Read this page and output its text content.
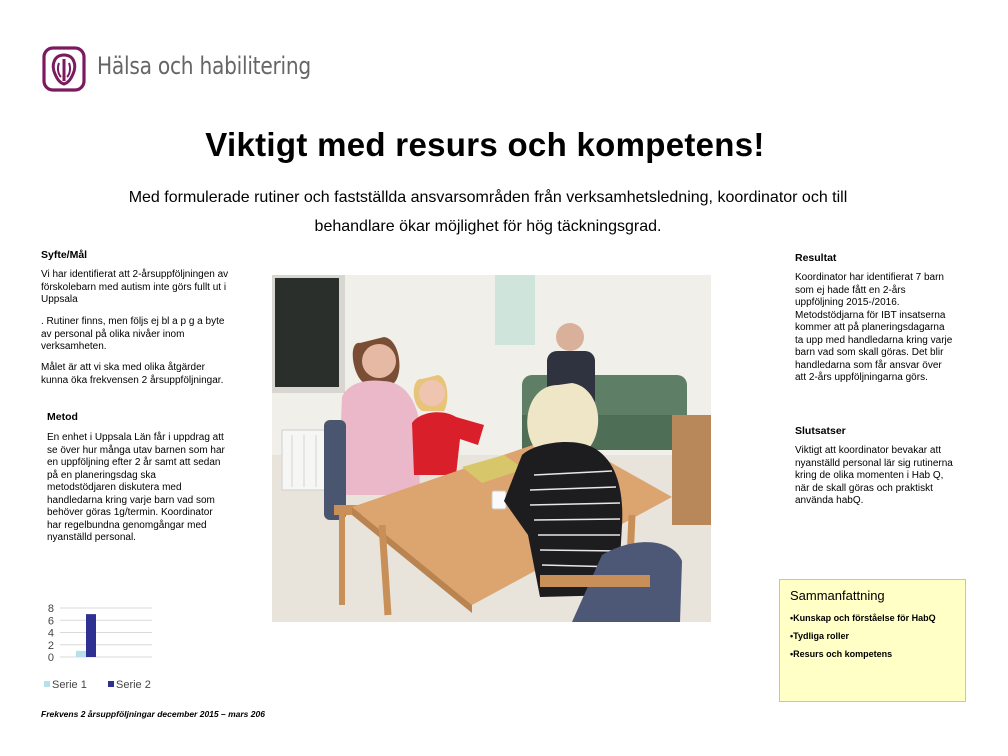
Hälsa och habilitering
Viktigt med resurs och kompetens!
Med formulerade rutiner och fastställda ansvarsområden från verksamhetsledning, koordinator och till behandlare ökar möjlighet för hög täckningsgrad.
Syfte/Mål
Vi har identifierat att 2-årsuppföljningen av förskolebarn med autism inte görs fullt ut i Uppsala
. Rutiner finns, men följs ej bl a p g a byte av personal på olika nivåer inom verksamheten.
Målet är att vi ska med olika åtgärder kunna öka frekvensen 2 årsuppföljningar.
Metod
En enhet i Uppsala Län får i uppdrag att se över hur många utav barnen som har en uppföljning efter 2 år samt att sedan på en planeringsdag ska metodstödjaren diskutera med handledarna kring varje barn vad som behöver göras 1g/termin. Koordinator har regelbundna genomgångar med nyanställd personal.
0
2
4
6
8
Serie 1	Serie 2
Frekvens 2 årsuppföljningar december 2015 – mars 206
Resultat
Koordinator har identifierat 7 barn som ej hade fått en 2-års uppföljning 2015-/2016. Metodstödjarna för IBT insatserna kommer att på planeringsdagarna ta upp med handledarna kring varje barn vad som skall göras. Det blir handledarna som får ansvar över att 2-års uppföljningarna görs.
Slutsatser
Viktigt att koordinator bevakar att nyanställd personal lär sig rutinerna kring de olika momenten i Hab Q, när de skall göras och praktiskt använda habQ.
Sammanfattning
•Kunskap och förståelse för HabQ
•Tydliga roller
•Resurs och kompetens
